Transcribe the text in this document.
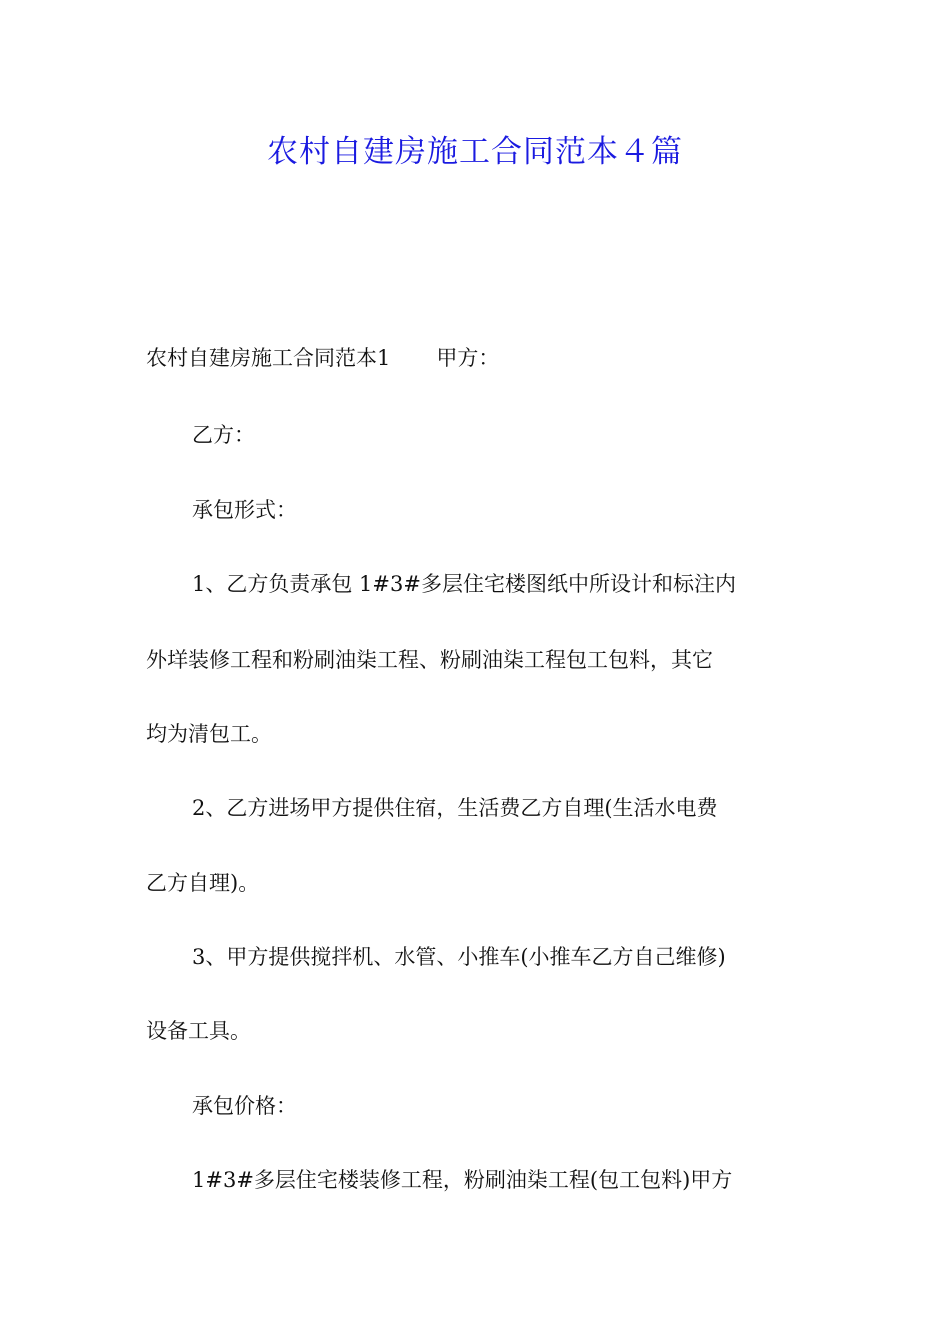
农村自建房施工合同范本４篇

农村自建房施工合同范本1 甲方：

乙方：

承包形式：

1、乙方负责承包 1#3#多层住宅楼图纸中所设计和标注内

外垟装修工程和粉刷油柒工程、粉刷油柒工程包工包料，其它

均为清包工。

2、乙方进场甲方提供住宿，生活费乙方自理(生活水电费

乙方自理)。

3、甲方提供搅拌机、水管、小推车(小推车乙方自己维修)

设备工具。

承包价格：

1#3#多层住宅楼装修工程，粉刷油柒工程(包工包料)甲方
